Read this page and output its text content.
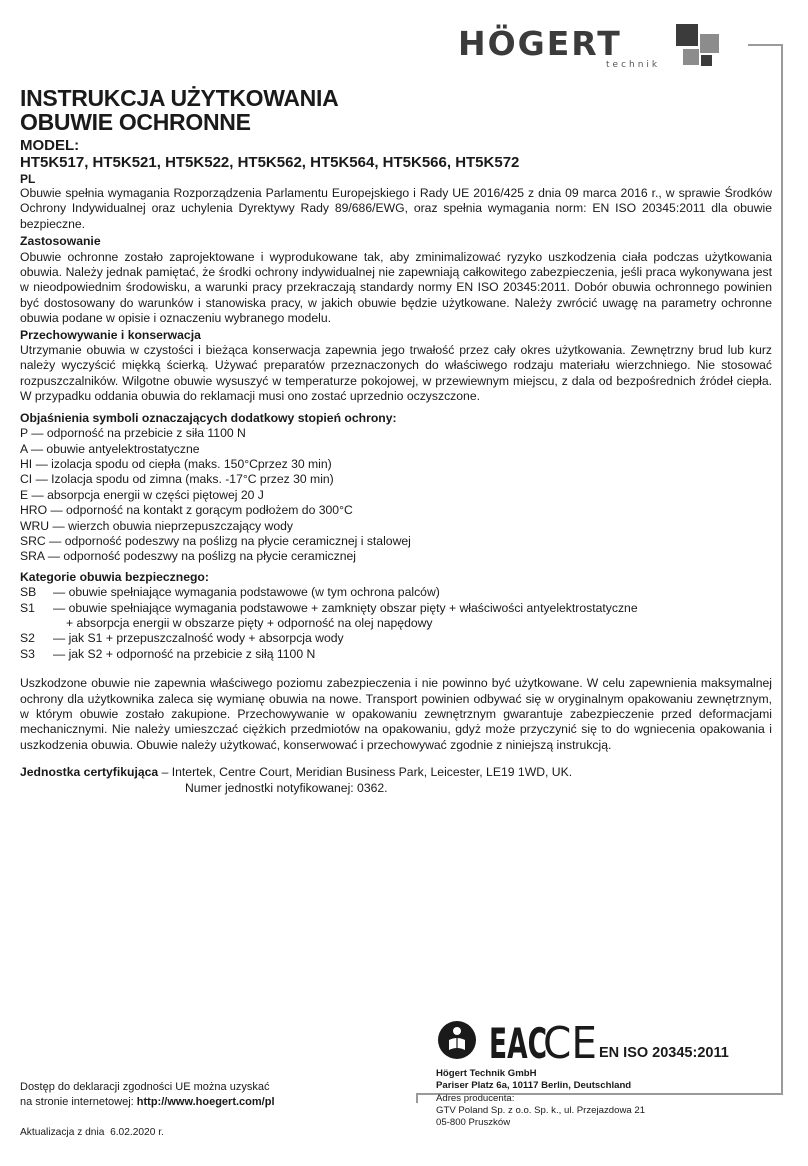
HÖGERT
technik
INSTRUKCJA UŻYTKOWANIA
OBUWIE OCHRONNE
MODEL:
HT5K517, HT5K521, HT5K522, HT5K562, HT5K564, HT5K566, HT5K572
PL

Obuwie spełnia wymagania Rozporządzenia Parlamentu Europejskiego i Rady UE 2016/425 z dnia 09 marca 2016 r., w sprawie Środków Ochrony Indywidualnej oraz uchylenia Dyrektywy Rady 89/686/EWG, oraz spełnia wymagania norm: EN ISO 20345:2011 dla obuwie bezpieczne.

Zastosowanie

Obuwie ochronne zostało zaprojektowane i wyprodukowane tak, aby zminimalizować ryzyko uszkodzenia ciała podczas użytkowania obuwia. Należy jednak pamiętać, że środki ochrony indywidualnej nie zapewniają całkowitego zabezpieczenia, jeśli praca wykonywana jest w nieodpowiednim środowisku, a warunki pracy przekraczają standardy normy EN ISO 20345:2011. Dobór obuwia ochronnego powinien być dostosowany do warunków i stanowiska pracy, w jakich obuwie będzie użytkowane. Należy zwrócić uwagę na parametry ochronne obuwia podane w opisie i oznaczeniu wybranego modelu.

Przechowywanie i konserwacja

Utrzymanie obuwia w czystości i bieżąca konserwacja zapewnia jego trwałość przez cały okres użytkowania. Zewnętrzny brud lub kurz należy wyczyścić miękką ścierką. Używać preparatów przeznaczonych do właściwego rodzaju materiału wierzchniego. Nie stosować rozpuszczalników. Wilgotne obuwie wysuszyć w temperaturze pokojowej, w przewiewnym miejscu, z dala od bezpośrednich źródeł ciepła. W przypadku oddania obuwia do reklamacji musi ono zostać uprzednio oczyszczone.

Objaśnienia symboli oznaczających dodatkowy stopień ochrony:
P — odporność na przebicie z siła 1100 N
A — obuwie antyelektrostatyczne
HI — izolacja spodu od ciepła (maks. 150°Cprzez 30 min)
CI — Izolacja spodu od zimna (maks. -17°C przez 30 min)
E — absorpcja energii w części piętowej 20 J
HRO — odporność na kontakt z gorącym podłożem do 300°C
WRU — wierzch obuwia nieprzepuszczający wody
SRC — odporność podeszwy na poślizg na płycie ceramicznej i stalowej
SRA — odporność podeszwy na poślizg na płycie ceramicznej
Kategorie obuwia bezpiecznego:
SB	— obuwie spełniające wymagania podstawowe (w tym ochrona palców)
S1	— obuwie spełniające wymagania podstawowe + zamknięty obszar pięty + właściwości antyelektrostatyczne
+ absorpcja energii w obszarze pięty + odporność na olej napędowy
S2	— jak S1 + przepuszczalność wody + absorpcja wody
S3	— jak S2 + odporność na przebicie z siłą 1100 N

Uszkodzone obuwie nie zapewnia właściwego poziomu zabezpieczenia i nie powinno być użytkowane. W celu zapewnienia maksymalnej ochrony dla użytkownika zaleca się wymianę obuwia na nowe. Transport powinien odbywać się w oryginalnym opakowaniu zewnętrznym, w którym obuwie zostało zakupione. Przechowywanie w opakowaniu zewnętrznym gwarantuje zabezpieczenie przed deformacjami mechanicznymi. Nie należy umieszczać ciężkich przedmiotów na opakowaniu, gdyż może przyczynić się to do wgniecenia opakowania i uszkodzenia obuwia. Obuwie należy użytkować, konserwować i przechowywać zgodnie z niniejszą instrukcją.

Jednostka certyfikująca – Intertek, Centre Court, Meridian Business Park, Leicester, LE19 1WD, UK.
Numer jednostki notyfikowanej: 0362.
EAC
CE EN ISO 20345:2011
Högert Technik GmbH
Pariser Platz 6a, 10117 Berlin, Deutschland
Adres producenta:
GTV Poland Sp. z o.o. Sp. k., ul. Przejazdowa 21
05-800 Pruszków
Dostęp do deklaracji zgodności UE można uzyskać
na stronie internetowej: http://www.hoegert.com/pl
Aktualizacja z dnia 6.02.2020 r.
